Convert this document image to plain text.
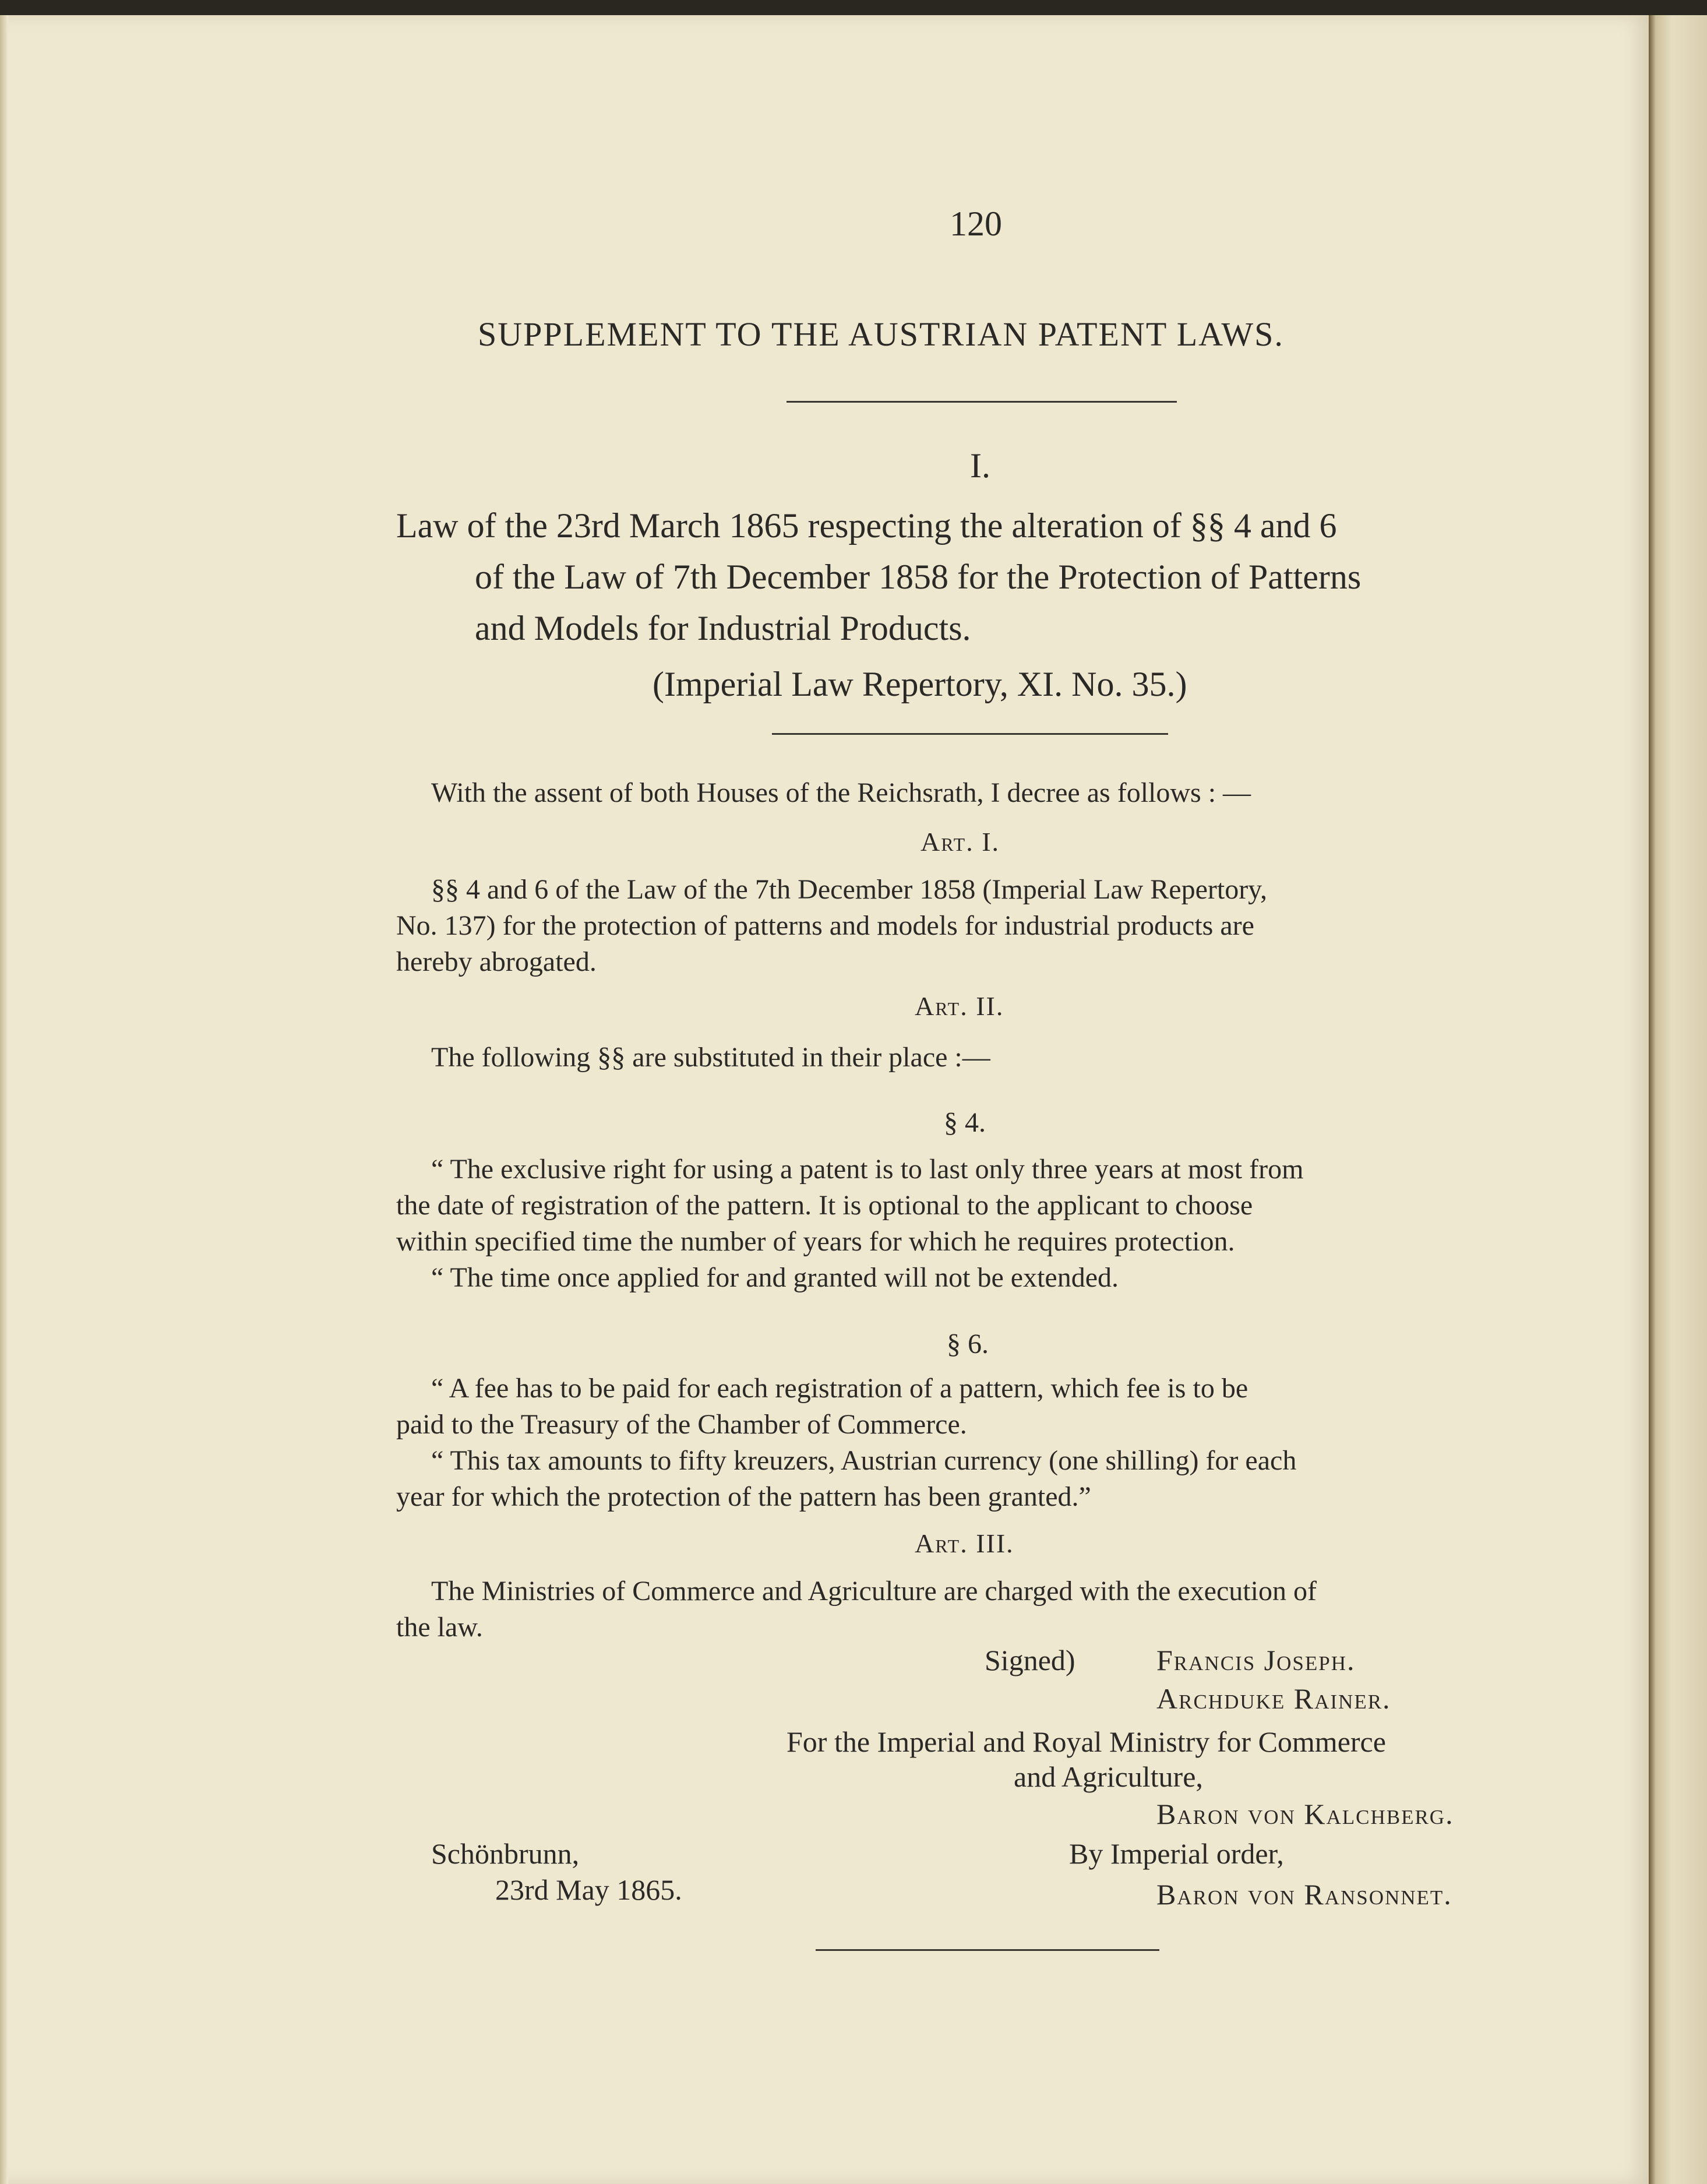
120

SUPPLEMENT TO THE AUSTRIAN PATENT LAWS.

I.

Law of the 23rd March 1865 respecting the alteration of §§ 4 and 6

of the Law of 7th December 1858 for the Protection of Patterns

and Models for Industrial Products.

(Imperial Law Repertory, XI. No. 35.)

With the assent of both Houses of the Reichsrath, I decree as follows : —

Art. I.

§§ 4 and 6 of the Law of the 7th December 1858 (Imperial Law Repertory,

No. 137) for the protection of patterns and models for industrial products are

hereby abrogated.

Art. II.

The following §§ are substituted in their place :—

§ 4.

“ The exclusive right for using a patent is to last only three years at most from

the date of registration of the pattern. It is optional to the applicant to choose

within specified time the number of years for which he requires protection.

“ The time once applied for and granted will not be extended.

§ 6.

“ A fee has to be paid for each registration of a pattern, which fee is to be

paid to the Treasury of the Chamber of Commerce.

“ This tax amounts to fifty kreuzers, Austrian currency (one shilling) for each

year for which the protection of the pattern has been granted.”

Art. III.

The Ministries of Commerce and Agriculture are charged with the execution of

the law.

Signed)	Francis Joseph.

Archduke Rainer.

For the Imperial and Royal Ministry for Commerce

and Agriculture,

Baron von Kalchberg.

By Imperial order,

Baron von Ransonnet.

Schönbrunn,

23rd May 1865.
